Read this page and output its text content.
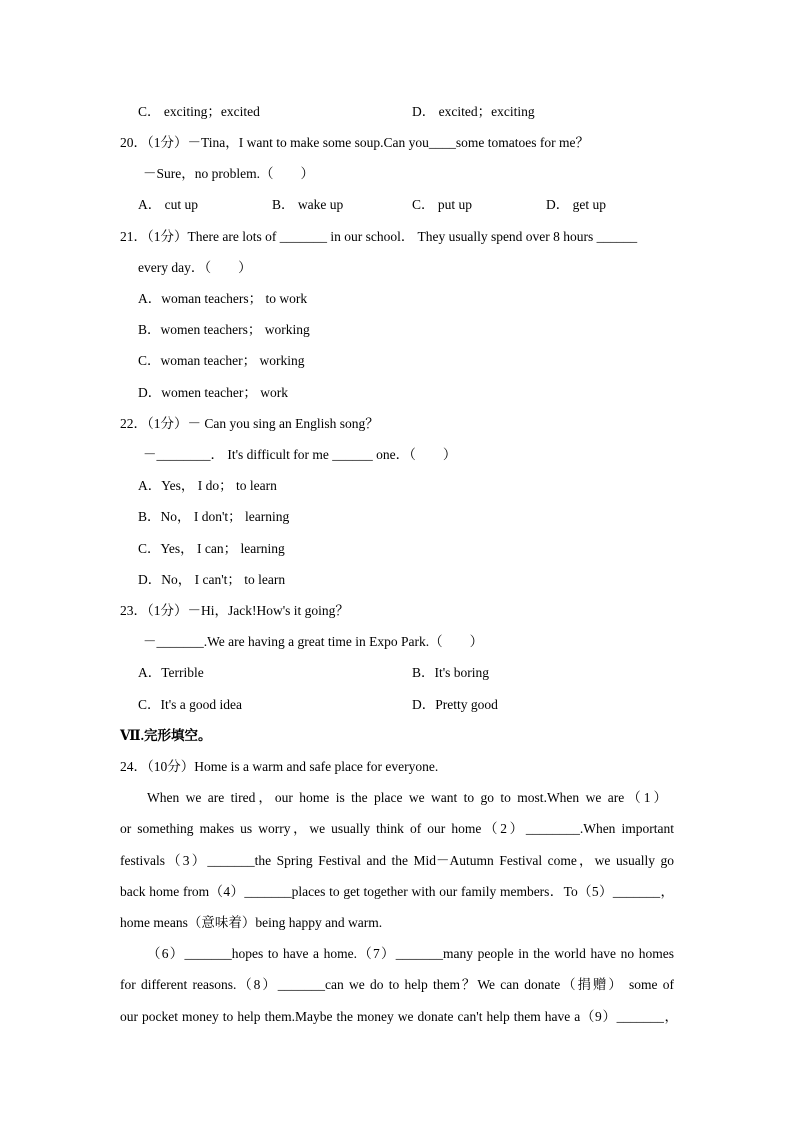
C． exciting；excited	D． excited；exciting
20．（1分）－Tina，I want to make some soup.Can you____some tomatoes for me？
－Sure，no problem.（　　）
A． cut up	B． wake up	C． put up	D． get up
21．（1分）There are lots of _______ in our school． They usually spend over 8 hours ______
every day．（　　）
A．woman teachers； to work
B．women teachers； working
C．woman teacher； working
D．women teacher； work
22．（1分）－ Can you sing an English song？
－________． It's difficult for me ______ one．（　　）
A．Yes， I do； to learn
B．No， I don't； learning
C．Yes， I can； learning
D．No， I can't； to learn
23．（1分）－Hi，Jack!How's it going？
－_______.We are having a great time in Expo Park.（　　）
A．Terrible	B．It's boring
C．It's a good idea	D．Pretty good
Ⅶ.完形填空。
24．（10分）Home is a warm and safe place for everyone.
When we are tired，our home is the place we want to go to most.When we are（1）
or something makes us worry，we usually think of our home（2）________.When important
festivals（3）_______the Spring Festival and the Mid－Autumn Festival come，we usually go
back home from（4）_______places to get together with our family members．To（5）_______，
home means（意味着）being happy and warm.
（6）_______hopes to have a home.（7）_______many people in the world have no homes
for different reasons.（8）_______can we do to help them？We can donate（捐赠） some of
our pocket money to help them.Maybe the money we donate can't help them have a（9）_______，
